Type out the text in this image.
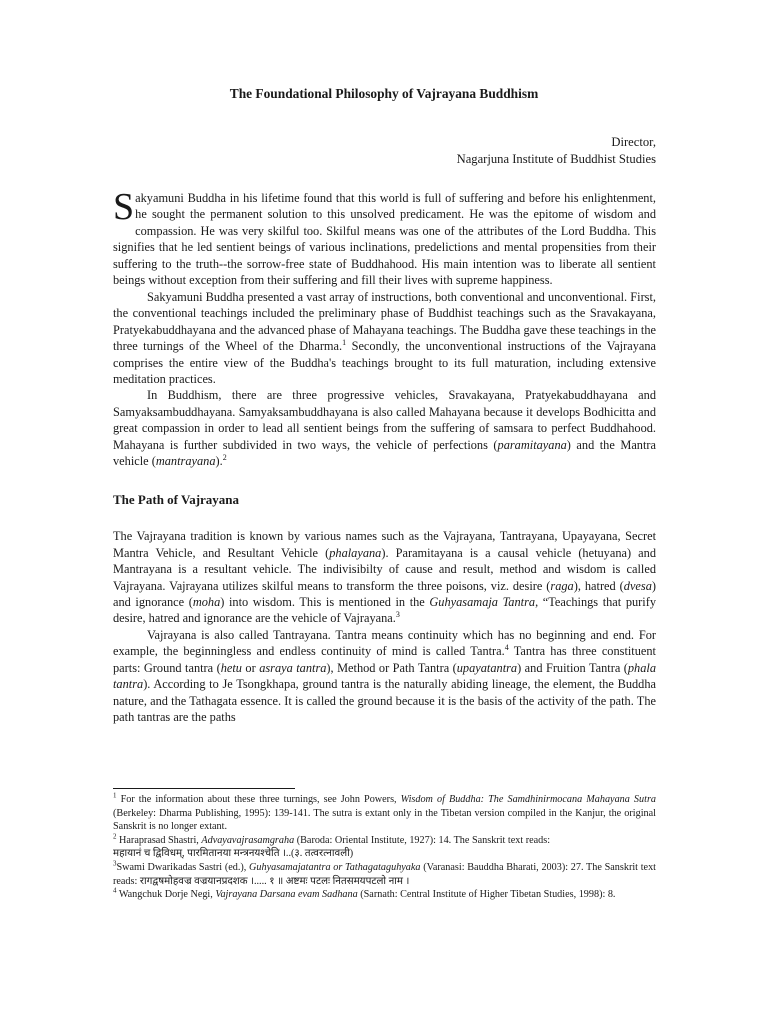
The Foundational Philosophy of Vajrayana Buddhism
Director,
Nagarjuna Institute of Buddhist Studies

Sakyamuni Buddha in his lifetime found that this world is full of suffering and before his enlightenment, he sought the permanent solution to this unsolved predicament. He was the epitome of wisdom and compassion. He was very skilful too. Skilful means was one of the attributes of the Lord Buddha. This signifies that he led sentient beings of various inclinations, predelictions and mental propensities from their suffering to the truth--the sorrow-free state of Buddhahood. His main intention was to liberate all sentient beings without exception from their suffering and fill their lives with supreme happiness.

Sakyamuni Buddha presented a vast array of instructions, both conventional and unconventional. First, the conventional teachings included the preliminary phase of Buddhist teachings such as the Sravakayana, Pratyekabuddhayana and the advanced phase of Mahayana teachings. The Buddha gave these teachings in the three turnings of the Wheel of the Dharma.$^1$ Secondly, the unconventional instructions of the Vajrayana comprises the entire view of the Buddha's teachings brought to its full maturation, including extensive meditation practices.

In Buddhism, there are three progressive vehicles, Sravakayana, Pratyekabuddhayana and Samyaksambuddhayana. Samyaksambuddhayana is also called Mahayana because it develops Bodhicitta and great compassion in order to lead all sentient beings from the suffering of samsara to perfect Buddhahood. Mahayana is further subdivided in two ways, the vehicle of perfections (paramitayana) and the Mantra vehicle (mantrayana).$^2$

The Path of Vajrayana

The Vajrayana tradition is known by various names such as the Vajrayana, Tantrayana, Upayayana, Secret Mantra Vehicle, and Resultant Vehicle (phalayana). Paramitayana is a causal vehicle (hetuyana) and Mantrayana is a resultant vehicle. The indivisibilty of cause and result, method and wisdom is called Vajrayana. Vajrayana utilizes skilful means to transform the three poisons, viz. desire (raga), hatred (dvesa) and ignorance (moha) into wisdom. This is mentioned in the Guhyasamaja Tantra, “Teachings that purify desire, hatred and ignorance are the vehicle of Vajrayana.$^3$

Vajrayana is also called Tantrayana. Tantra means continuity which has no beginning and end. For example, the beginningless and endless continuity of mind is called Tantra.$^4$ Tantra has three constituent parts: Ground tantra (hetu or asraya tantra), Method or Path Tantra (upayatantra) and Fruition Tantra (phala tantra). According to Je Tsongkhapa, ground tantra is the naturally abiding lineage, the element, the Buddha nature, and the Tathagata essence. It is called the ground because it is the basis of the activity of the path. The path tantras are the paths

$^1$ For the information about these three turnings, see John Powers, Wisdom of Buddha: The Samdhinirmocana Mahayana Sutra (Berkeley: Dharma Publishing, 1995): 139-141. The sutra is extant only in the Tibetan version compiled in the Kanjur, the original Sanskrit is no longer extant.

$^2$ Haraprasad Shastri, Advayavajrasamgraha (Baroda: Oriental Institute, 1927): 14. The Sanskrit text reads:
महायानं च द्विविधम्, पारमितानया मन्त्रनयश्चेति ।..(३. तत्वरत्नावली)

$^3$Swami Dwarikadas Sastri (ed.), Guhyasamajatantra or Tathagataguhyaka (Varanasi: Bauddha Bharati, 2003): 27. The Sanskrit text reads: रागद्वषमोहवज्र वज्रयानप्रदशक ।..... १ ॥ अष्टमः पटलः नितसमयपटलो नाम ।

$^4$ Wangchuk Dorje Negi, Vajrayana Darsana evam Sadhana (Sarnath: Central Institute of Higher Tibetan Studies, 1998): 8.
